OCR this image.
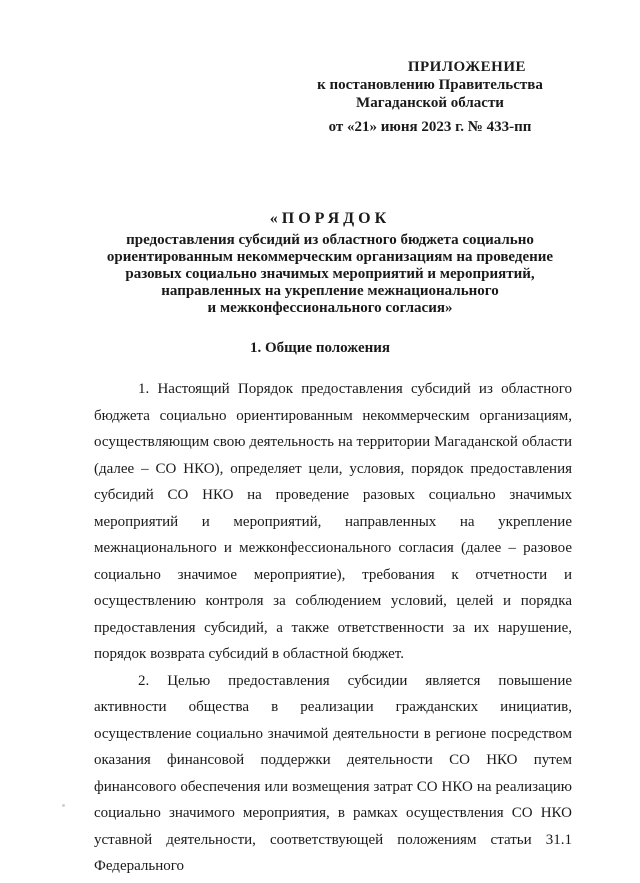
ПРИЛОЖЕНИЕ
к постановлению Правительства
Магаданской области
от «21» июня 2023 г. № 433-пп
«ПОРЯДОК
предоставления субсидий из областного бюджета социально
ориентированным некоммерческим организациям на проведение
разовых социально значимых мероприятий и мероприятий,
направленных на укрепление межнационального
и межконфессионального согласия»
1. Общие положения

1. Настоящий Порядок предоставления субсидий из областного бюджета социально ориентированным некоммерческим организациям, осуществляющим свою деятельность на территории Магаданской области (далее – СО НКО), определяет цели, условия, порядок предоставления субсидий СО НКО на проведение разовых социально значимых мероприятий и мероприятий, направленных на укрепление межнационального и межконфессионального согласия (далее – разовое социально значимое мероприятие), требования к отчетности и осуществлению контроля за соблюдением условий, целей и порядка предоставления субсидий, а также ответственности за их нарушение, порядок возврата субсидий в областной бюджет.

2. Целью предоставления субсидии является повышение активности общества в реализации гражданских инициатив, осуществление социально значимой деятельности в регионе посредством оказания финансовой поддержки деятельности СО НКО путем финансового обеспечения или возмещения затрат СО НКО на реализацию социально значимого мероприятия, в рамках осуществления СО НКО уставной деятельности, соответствующей положениям статьи 31.1 Федерального
